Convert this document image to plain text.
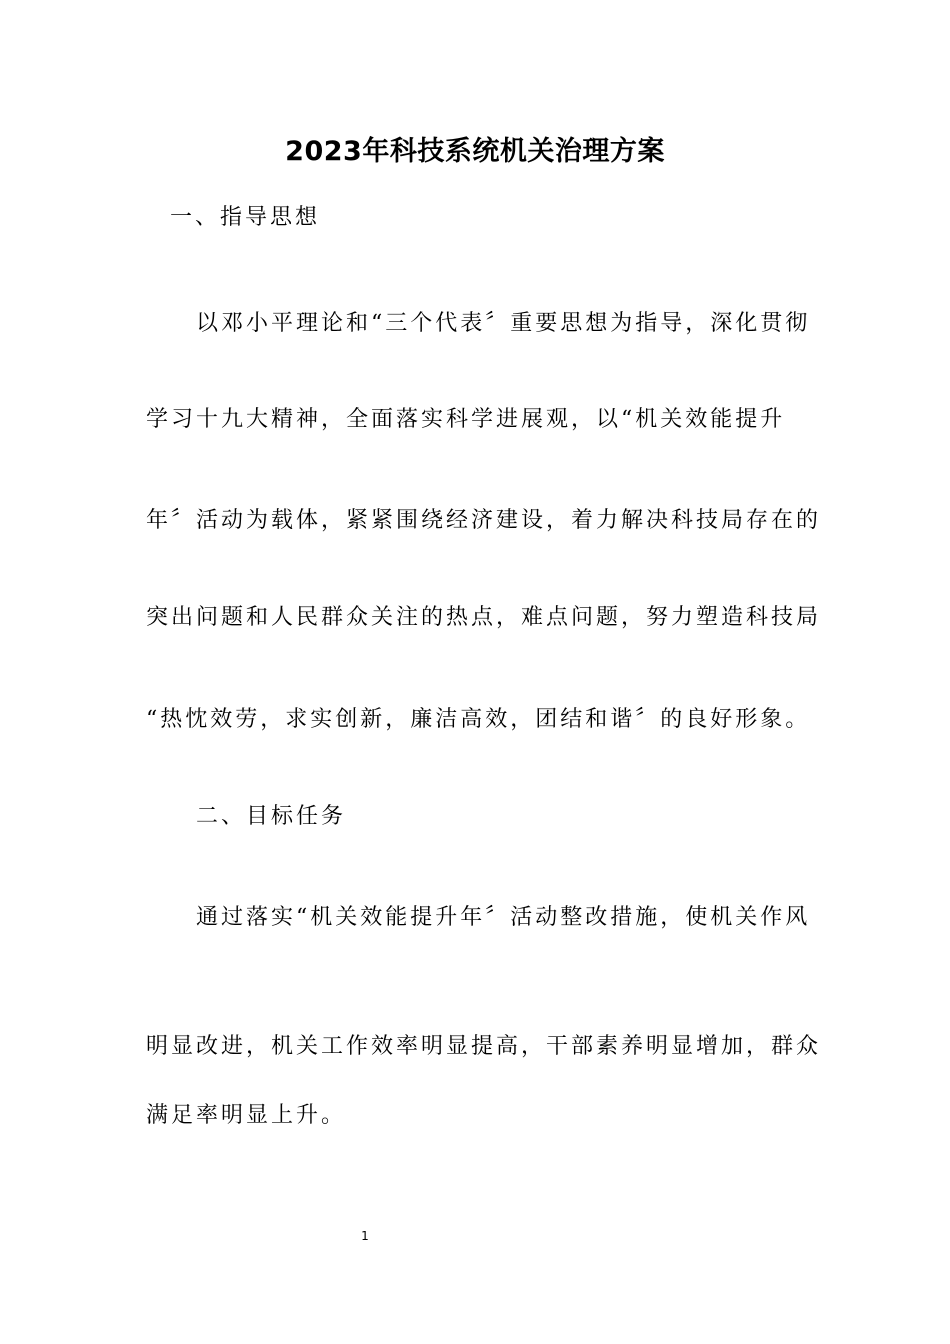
2023年科技系统机关治理方案
一、指导思想
以邓小平理论和“三个代表〞重要思想为指导，深化贯彻
学习十九大精神，全面落实科学进展观，以“机关效能提升
年〞活动为载体，紧紧围绕经济建设，着力解决科技局存在的
突出问题和人民群众关注的热点，难点问题，努力塑造科技局
“热忱效劳，求实创新，廉洁高效，团结和谐〞的良好形象。
二、目标任务
通过落实“机关效能提升年〞活动整改措施，使机关作风
明显改进，机关工作效率明显提高，干部素养明显增加，群众
满足率明显上升。
1
